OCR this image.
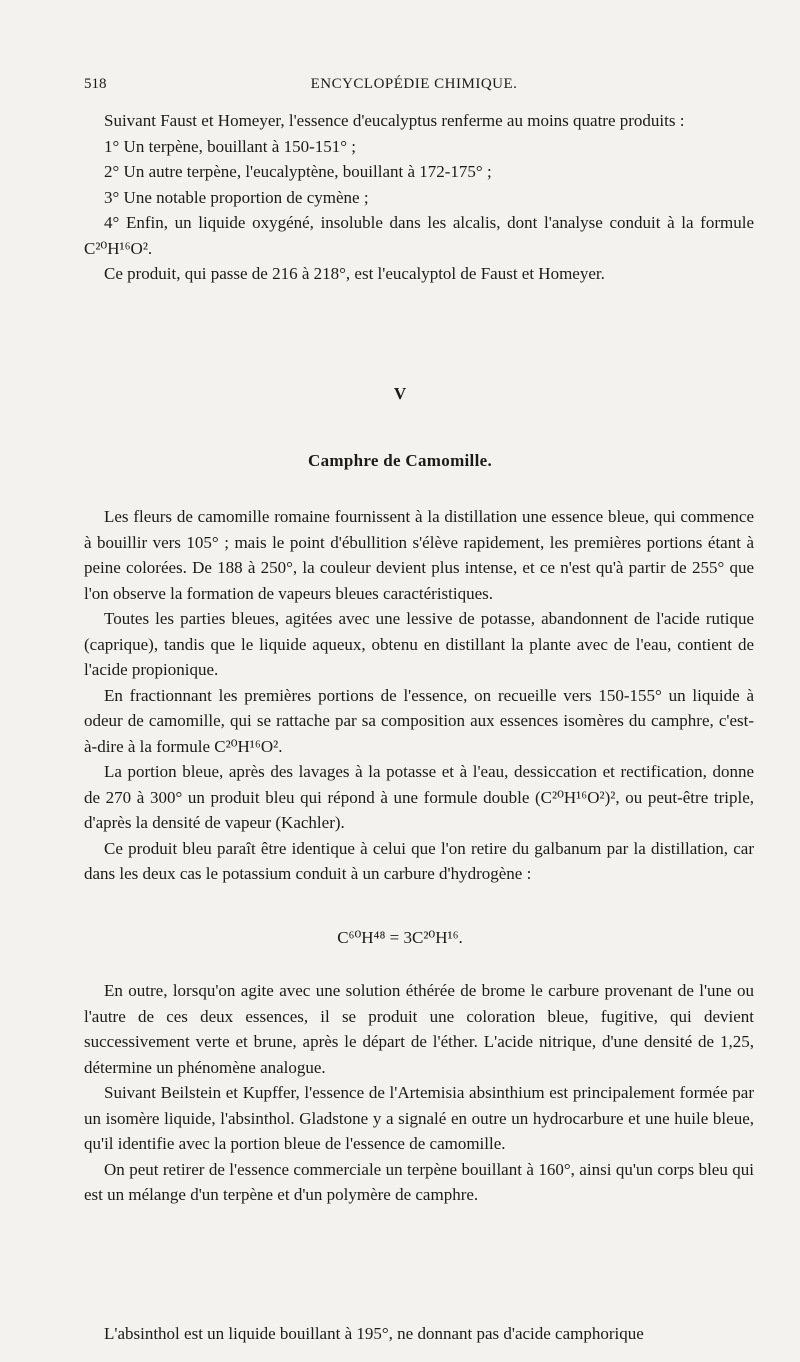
518	ENCYCLOPÉDIE CHIMIQUE.

Suivant Faust et Homeyer, l'essence d'eucalyptus renferme au moins quatre produits :

1° Un terpène, bouillant à 150-151° ;

2° Un autre terpène, l'eucalyptène, bouillant à 172-175° ;

3° Une notable proportion de cymène ;

4° Enfin, un liquide oxygéné, insoluble dans les alcalis, dont l'analyse conduit à la formule C²⁰H¹⁶O².

Ce produit, qui passe de 216 à 218°, est l'eucalyptol de Faust et Homeyer.

V
Camphre de Camomille.

Les fleurs de camomille romaine fournissent à la distillation une essence bleue, qui commence à bouillir vers 105° ; mais le point d'ébullition s'élève rapidement, les premières portions étant à peine colorées. De 188 à 250°, la couleur devient plus intense, et ce n'est qu'à partir de 255° que l'on observe la formation de vapeurs bleues caractéristiques.

Toutes les parties bleues, agitées avec une lessive de potasse, abandonnent de l'acide rutique (caprique), tandis que le liquide aqueux, obtenu en distillant la plante avec de l'eau, contient de l'acide propionique.

En fractionnant les premières portions de l'essence, on recueille vers 150-155° un liquide à odeur de camomille, qui se rattache par sa composition aux essences isomères du camphre, c'est-à-dire à la formule C²⁰H¹⁶O².

La portion bleue, après des lavages à la potasse et à l'eau, dessiccation et rectification, donne de 270 à 300° un produit bleu qui répond à une formule double (C²⁰H¹⁶O²)², ou peut-être triple, d'après la densité de vapeur (Kachler).

Ce produit bleu paraît être identique à celui que l'on retire du galbanum par la distillation, car dans les deux cas le potassium conduit à un carbure d'hydrogène :

C⁶⁰H⁴⁸ = 3C²⁰H¹⁶.

En outre, lorsqu'on agite avec une solution éthérée de brome le carbure provenant de l'une ou l'autre de ces deux essences, il se produit une coloration bleue, fugitive, qui devient successivement verte et brune, après le départ de l'éther. L'acide nitrique, d'une densité de 1,25, détermine un phénomène analogue.

Suivant Beilstein et Kupffer, l'essence de l'Artemisia absinthium est principalement formée par un isomère liquide, l'absinthol. Gladstone y a signalé en outre un hydrocarbure et une huile bleue, qu'il identifie avec la portion bleue de l'essence de camomille.

On peut retirer de l'essence commerciale un terpène bouillant à 160°, ainsi qu'un corps bleu qui est un mélange d'un terpène et d'un polymère de camphre.

L'absinthol est un liquide bouillant à 195°, ne donnant pas d'acide camphorique
